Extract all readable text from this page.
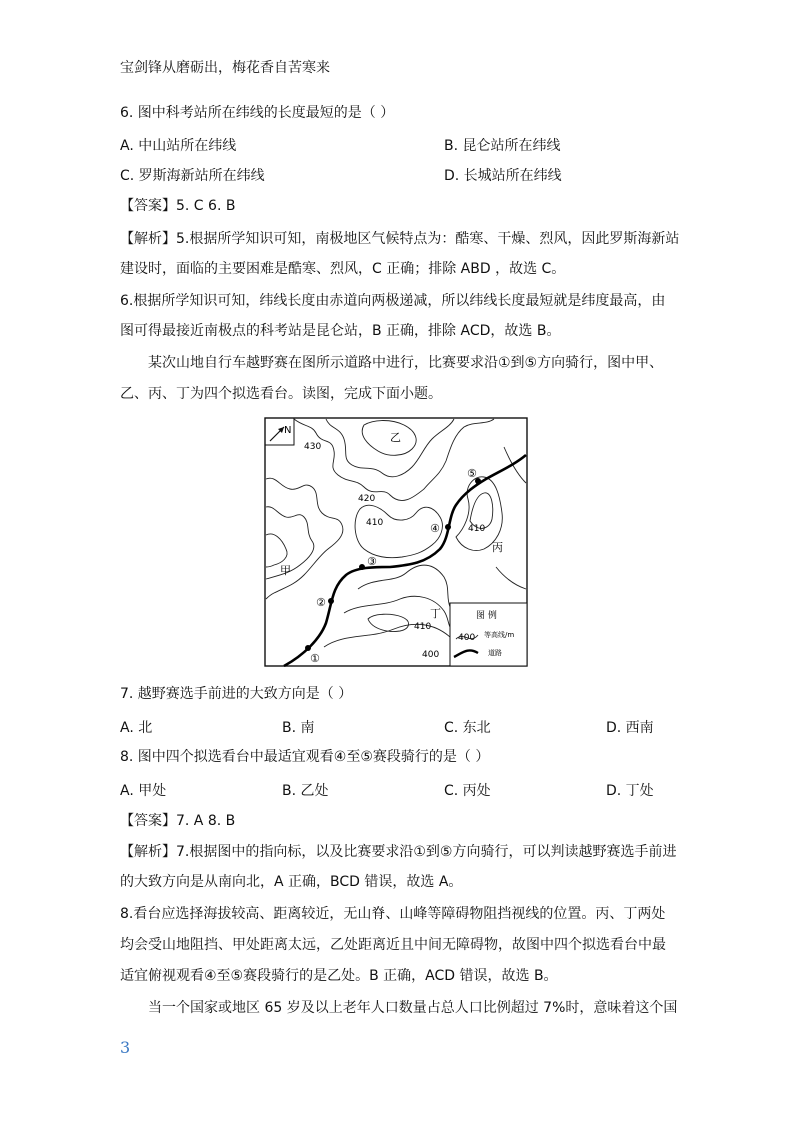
宝剑锋从磨砺出，梅花香自苦寒来
6. 图中科考站所在纬线的长度最短的是（ ）
A. 中山站所在纬线	B. 昆仑站所在纬线
C. 罗斯海新站所在纬线	D. 长城站所在纬线
【答案】5. C 6. B
【解析】5.根据所学知识可知，南极地区气候特点为：酷寒、干燥、烈风，因此罗斯海新站
建设时，面临的主要困难是酷寒、烈风，C 正确；排除 ABD ，故选 C。
6.根据所学知识可知，纬线长度由赤道向两极递减，所以纬线长度最短就是纬度最高，由
图可得最接近南极点的科考站是昆仑站，B 正确，排除 ACD，故选 B。
某次山地自行车越野赛在图所示道路中进行，比赛要求沿①到⑤方向骑行，图中甲、
乙、丙、丁为四个拟选看台。读图，完成下面小题。
N
①
②
③
④
⑤
430
420
410
410
410
400
甲
乙
丙
丁	图 例
400 等高线/m
道路
7. 越野赛选手前进的大致方向是（ ）
A. 北	B. 南	C. 东北	D. 西南
8. 图中四个拟选看台中最适宜观看④至⑤赛段骑行的是（ ）
A. 甲处	B. 乙处	C. 丙处	D. 丁处
【答案】7. A 8. B
【解析】7.根据图中的指向标，以及比赛要求沿①到⑤方向骑行，可以判读越野赛选手前进
的大致方向是从南向北，A 正确，BCD 错误，故选 A。
8.看台应选择海拔较高、距离较近，无山脊、山峰等障碍物阻挡视线的位置。丙、丁两处
均会受山地阻挡、甲处距离太远，乙处距离近且中间无障碍物，故图中四个拟选看台中最
适宜俯视观看④至⑤赛段骑行的是乙处。B 正确，ACD 错误，故选 B。
当一个国家或地区 65 岁及以上老年人口数量占总人口比例超过 7%时，意味着这个国
3
